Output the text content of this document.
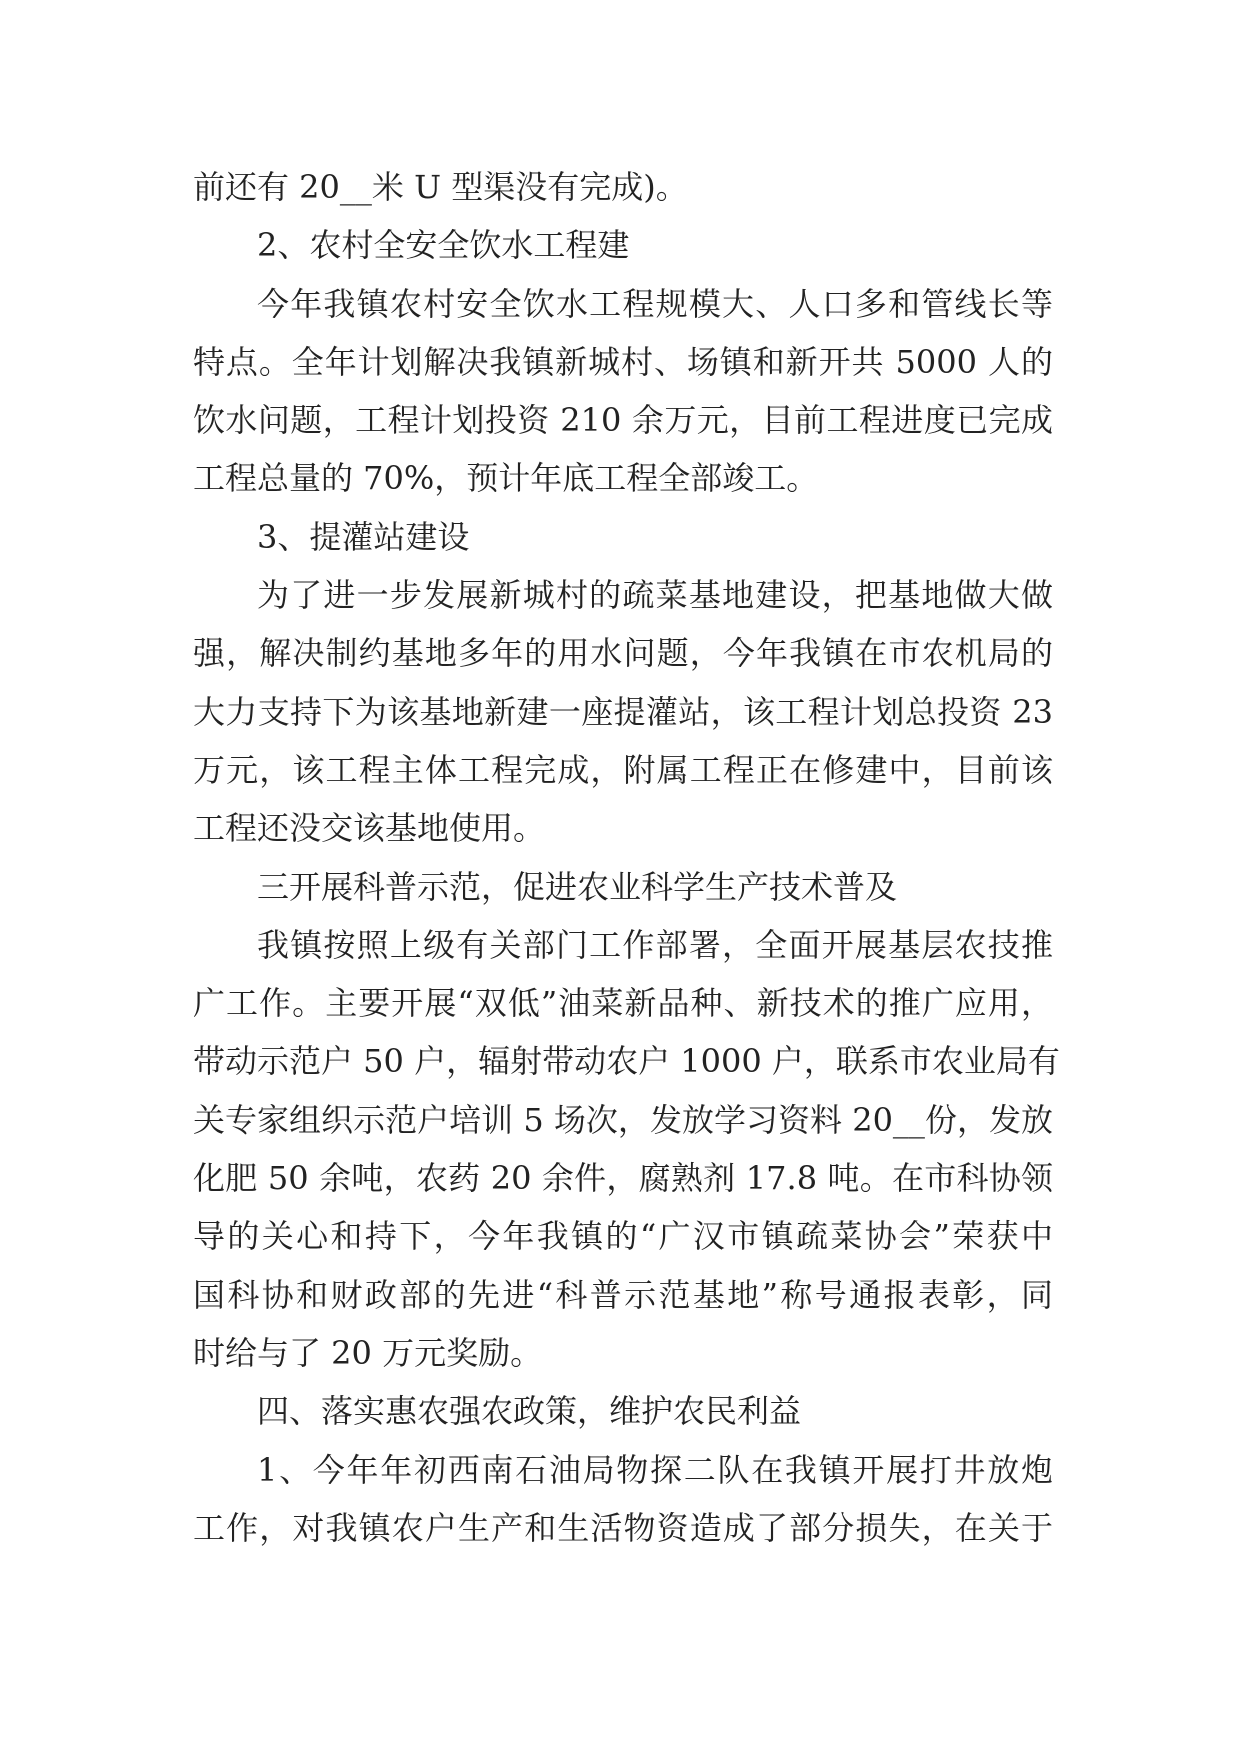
前还有 20__米 U 型渠没有完成)。
2、农村全安全饮水工程建
今年我镇农村安全饮水工程规模大、人口多和管线长等
特点。全年计划解决我镇新城村、场镇和新开共 5000 人的
饮水问题，工程计划投资 210 余万元，目前工程进度已完成
工程总量的 70%，预计年底工程全部竣工。
3、提灌站建设
为了进一步发展新城村的疏菜基地建设，把基地做大做
强，解决制约基地多年的用水问题，今年我镇在市农机局的
大力支持下为该基地新建一座提灌站，该工程计划总投资 23
万元，该工程主体工程完成，附属工程正在修建中，目前该
工程还没交该基地使用。
三开展科普示范，促进农业科学生产技术普及
我镇按照上级有关部门工作部署，全面开展基层农技推
广工作。主要开展“双低”油菜新品种、新技术的推广应用，
带动示范户 50 户，辐射带动农户 1000 户，联系市农业局有
关专家组织示范户培训 5 场次，发放学习资料 20__份，发放
化肥 50 余吨，农药 20 余件，腐熟剂 17.8 吨。在市科协领
导的关心和持下，今年我镇的“广汉市镇疏菜协会”荣获中
国科协和财政部的先进“科普示范基地”称号通报表彰，同
时给与了 20 万元奖励。
四、落实惠农强农政策，维护农民利益
1、今年年初西南石油局物探二队在我镇开展打井放炮
工作，对我镇农户生产和生活物资造成了部分损失，在关于
